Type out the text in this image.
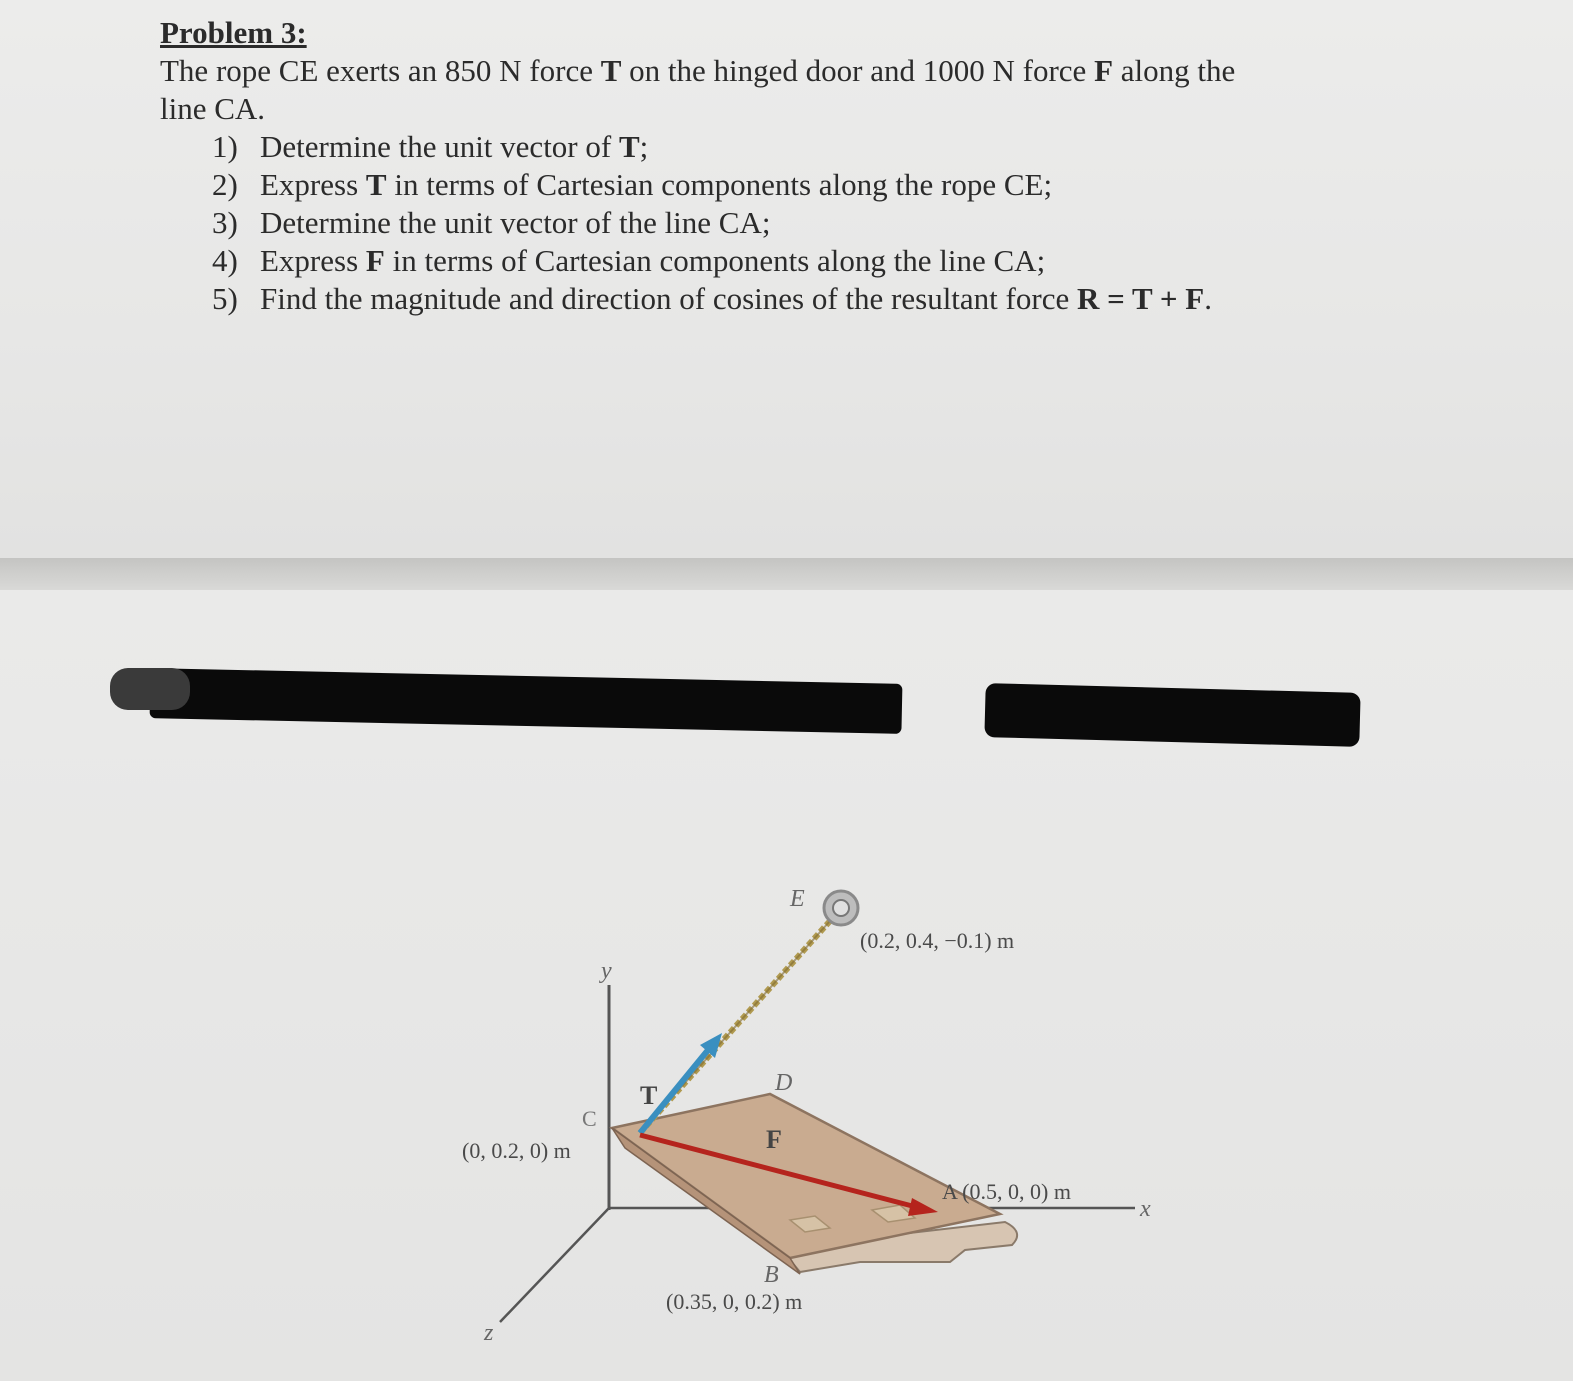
Problem 3:

The rope CE exerts an 850 N force T on the hinged door and 1000 N force F along the
line CA.

1) Determine the unit vector of T;
2) Express T in terms of Cartesian components along the rope CE;
3) Determine the unit vector of the line CA;
4) Express F in terms of Cartesian components along the line CA;
5) Find the magnitude and direction of cosines of the resultant force R = T + F.
E
(0.2, 0.4, −0.1) m
y
T	D
C
(0, 0.2, 0) m	F
A (0.5, 0, 0) m
x
B
(0.35, 0, 0.2) m
z
